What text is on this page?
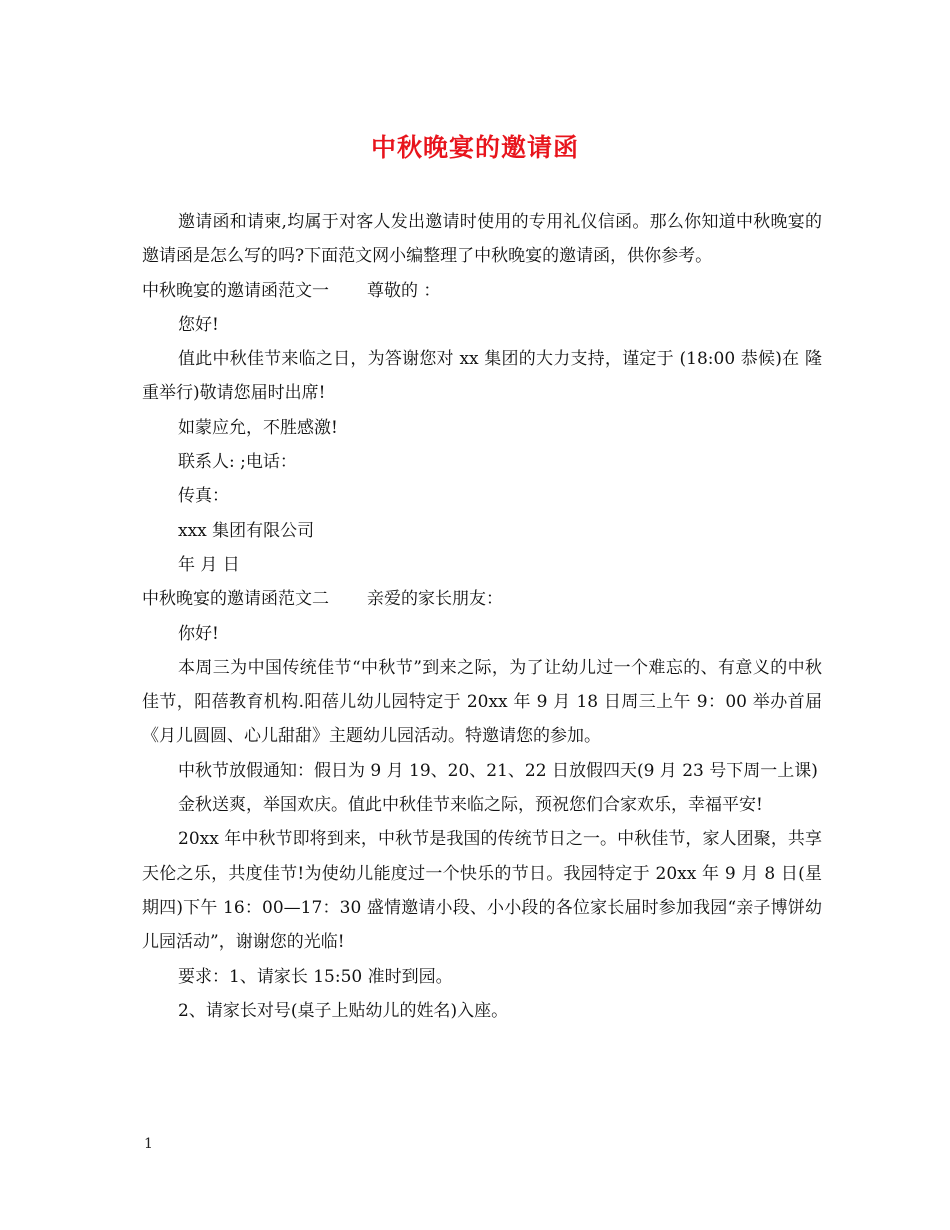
中秋晚宴的邀请函

邀请函和请柬,均属于对客人发出邀请时使用的专用礼仪信函。那么你知道中秋晚宴的邀请函是怎么写的吗?下面范文网小编整理了中秋晚宴的邀请函，供你参考。

中秋晚宴的邀请函范文一 尊敬的 ：

您好!

值此中秋佳节来临之日，为答谢您对 xx 集团的大力支持，谨定于 (18:00 恭候)在 隆重举行)敬请您届时出席!

如蒙应允，不胜感激!

联系人: ;电话：

传真：

xxx 集团有限公司

年 月 日

中秋晚宴的邀请函范文二 亲爱的家长朋友：

你好!

本周三为中国传统佳节“中秋节”到来之际，为了让幼儿过一个难忘的、有意义的中秋佳节，阳蓓教育机构.阳蓓儿幼儿园特定于 20xx 年 9 月 18 日周三上午 9：00 举办首届《月儿圆圆、心儿甜甜》主题幼儿园活动。特邀请您的参加。

中秋节放假通知：假日为 9 月 19、20、21、22 日放假四天(9 月 23 号下周一上课)

金秋送爽，举国欢庆。值此中秋佳节来临之际，预祝您们合家欢乐，幸福平安!

20xx 年中秋节即将到来，中秋节是我国的传统节日之一。中秋佳节，家人团聚，共享天伦之乐，共度佳节!为使幼儿能度过一个快乐的节日。我园特定于 20xx 年 9 月 8 日(星期四)下午 16：00—17：30 盛情邀请小段、小小段的各位家长届时参加我园“亲子博饼幼儿园活动”，谢谢您的光临!

要求：1、请家长 15:50 准时到园。

2、请家长对号(桌子上贴幼儿的姓名)入座。

1
